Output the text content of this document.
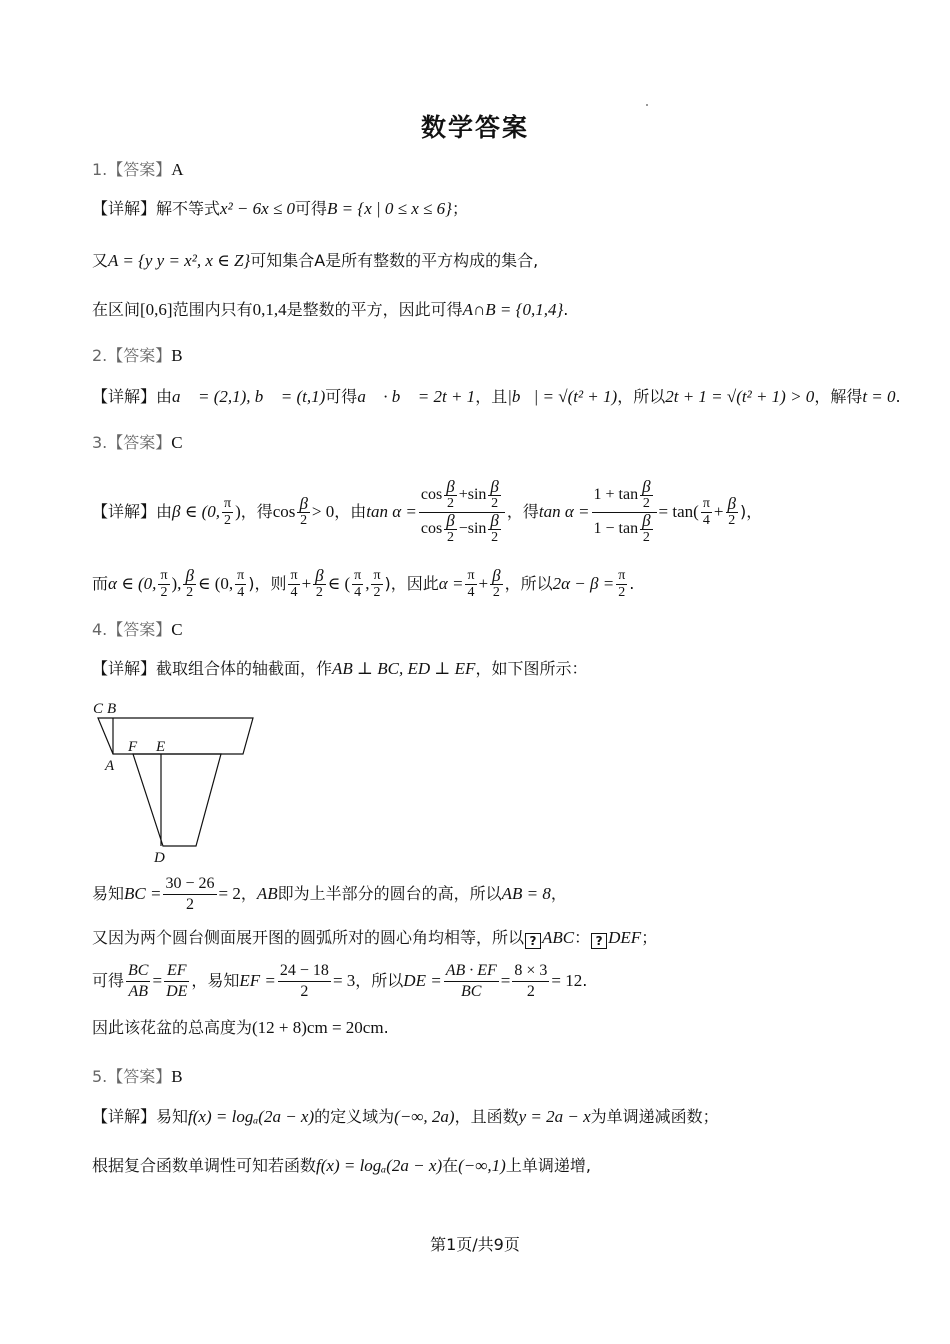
数学答案
1.【答案】A
【详解】解不等式x² − 6x ≤ 0可得B = {x | 0 ≤ x ≤ 6}；
又A = {y y = x², x ∈ Z}可知集合A是所有整数的平方构成的集合,
在区间[0,6]范围内只有0,1,4是整数的平方，因此可得A∩B = {0,1,4}.
2.【答案】B
【详解】由a⃗ = (2,1), b⃗ = (t,1)可得a⃗ · b⃗ = 2t + 1，且|b⃗| = √(t² + 1)，所以2t + 1 = √(t² + 1) > 0，解得t = 0.
3.【答案】C
【详解】 由 β ∈ (0, $\frac{\pi}{2}$ ) ，得 $\cos \frac{\beta}{2} > 0$ ，由 $\tan \alpha = \frac{\cos \frac{\beta}{2} +\sin \frac{\beta}{2}}{\cos \frac{\beta}{2} -\sin \frac{\beta}{2}}$ ，得 $\tan \alpha = \frac{1 + \tan \frac{\beta}{2}}{1 - \tan \frac{\beta}{2}} = \tan( \frac{\pi}{4} + \frac{\beta}{2}$ )，
而 α ∈ (0, $\frac{\pi}{2}$ ), $\frac{\beta}{2}$ ∈ (0, $\frac{\pi}{4}$ )，则 $\frac{\pi}{4} + \frac{\beta}{2}$ ∈ ( $\frac{\pi}{4}$ , $\frac{\pi}{2}$ )，因此 $\alpha = \frac{\pi}{4} + \frac{\beta}{2}$ ，所以 $2\alpha - \beta = \frac{\pi}{2}$ .
4.【答案】C
【详解】截取组合体的轴截面，作AB ⊥ BC, ED ⊥ EF，如下图所示：
C B
F E
A
D
易知 BC = $\frac{30 - 26}{2} = 2$ ， AB 即为上半部分的圆台的高，所以 AB = 8 ，
又因为两个圆台侧面展开图的圆弧所对的圆心角均相等，所以 ? ABC： ? DEF；
可得 $\frac{BC}{AB} = \frac{EF}{DE}$ ，易知 EF = $\frac{24 - 18}{2} = 3$ ，所以 DE = $\frac{AB \cdot EF}{BC} = \frac{8 \times 3}{2} = 12$ .
因此该花盆的总高度为(12 + 8)cm = 20cm.
5.【答案】B
【详解】易知f(x) = logₐ(2a − x)的定义域为(−∞, 2a)，且函数y = 2a − x为单调递减函数；
根据复合函数单调性可知若函数f(x) = logₐ(2a − x)在(−∞,1)上单调递增,
第1页/共9页
